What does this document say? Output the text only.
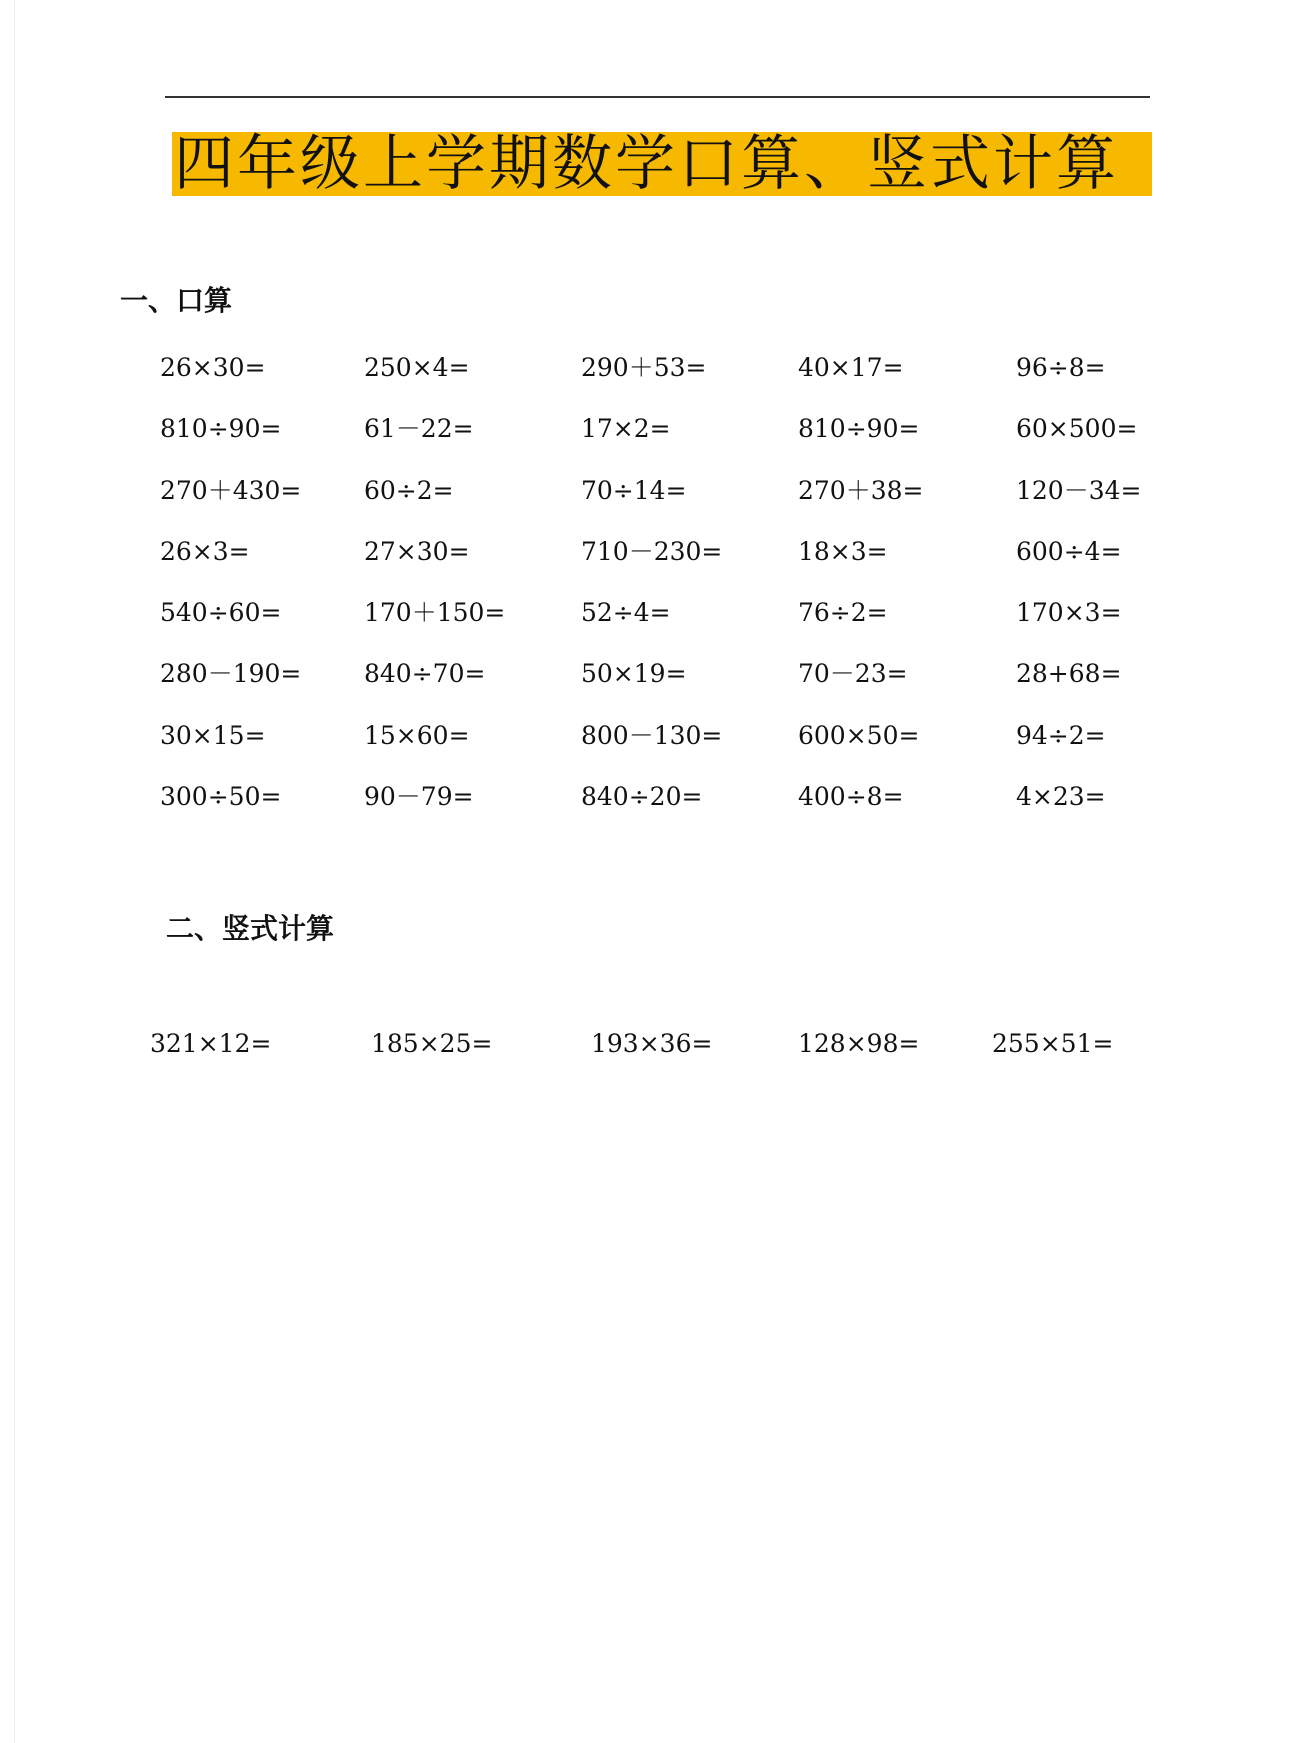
四年级上学期数学口算、竖式计算
一、口算
26×30=	250×4=	290＋53=	40×17=	96÷8=
810÷90=	61－22=	17×2=	810÷90=	60×500=
270＋430=	60÷2=	70÷14=	270＋38=	120－34=
26×3=	27×30=	710－230=	18×3=	600÷4=
540÷60=	170＋150=	52÷4=	76÷2=	170×3=
280－190=	840÷70=	50×19=	70－23=	28+68=
30×15=	15×60=	800－130=	600×50=	94÷2=
300÷50=	90－79=	840÷20=	400÷8=	4×23=
二、竖式计算
321×12=	185×25=	193×36=	128×98=	255×51=
